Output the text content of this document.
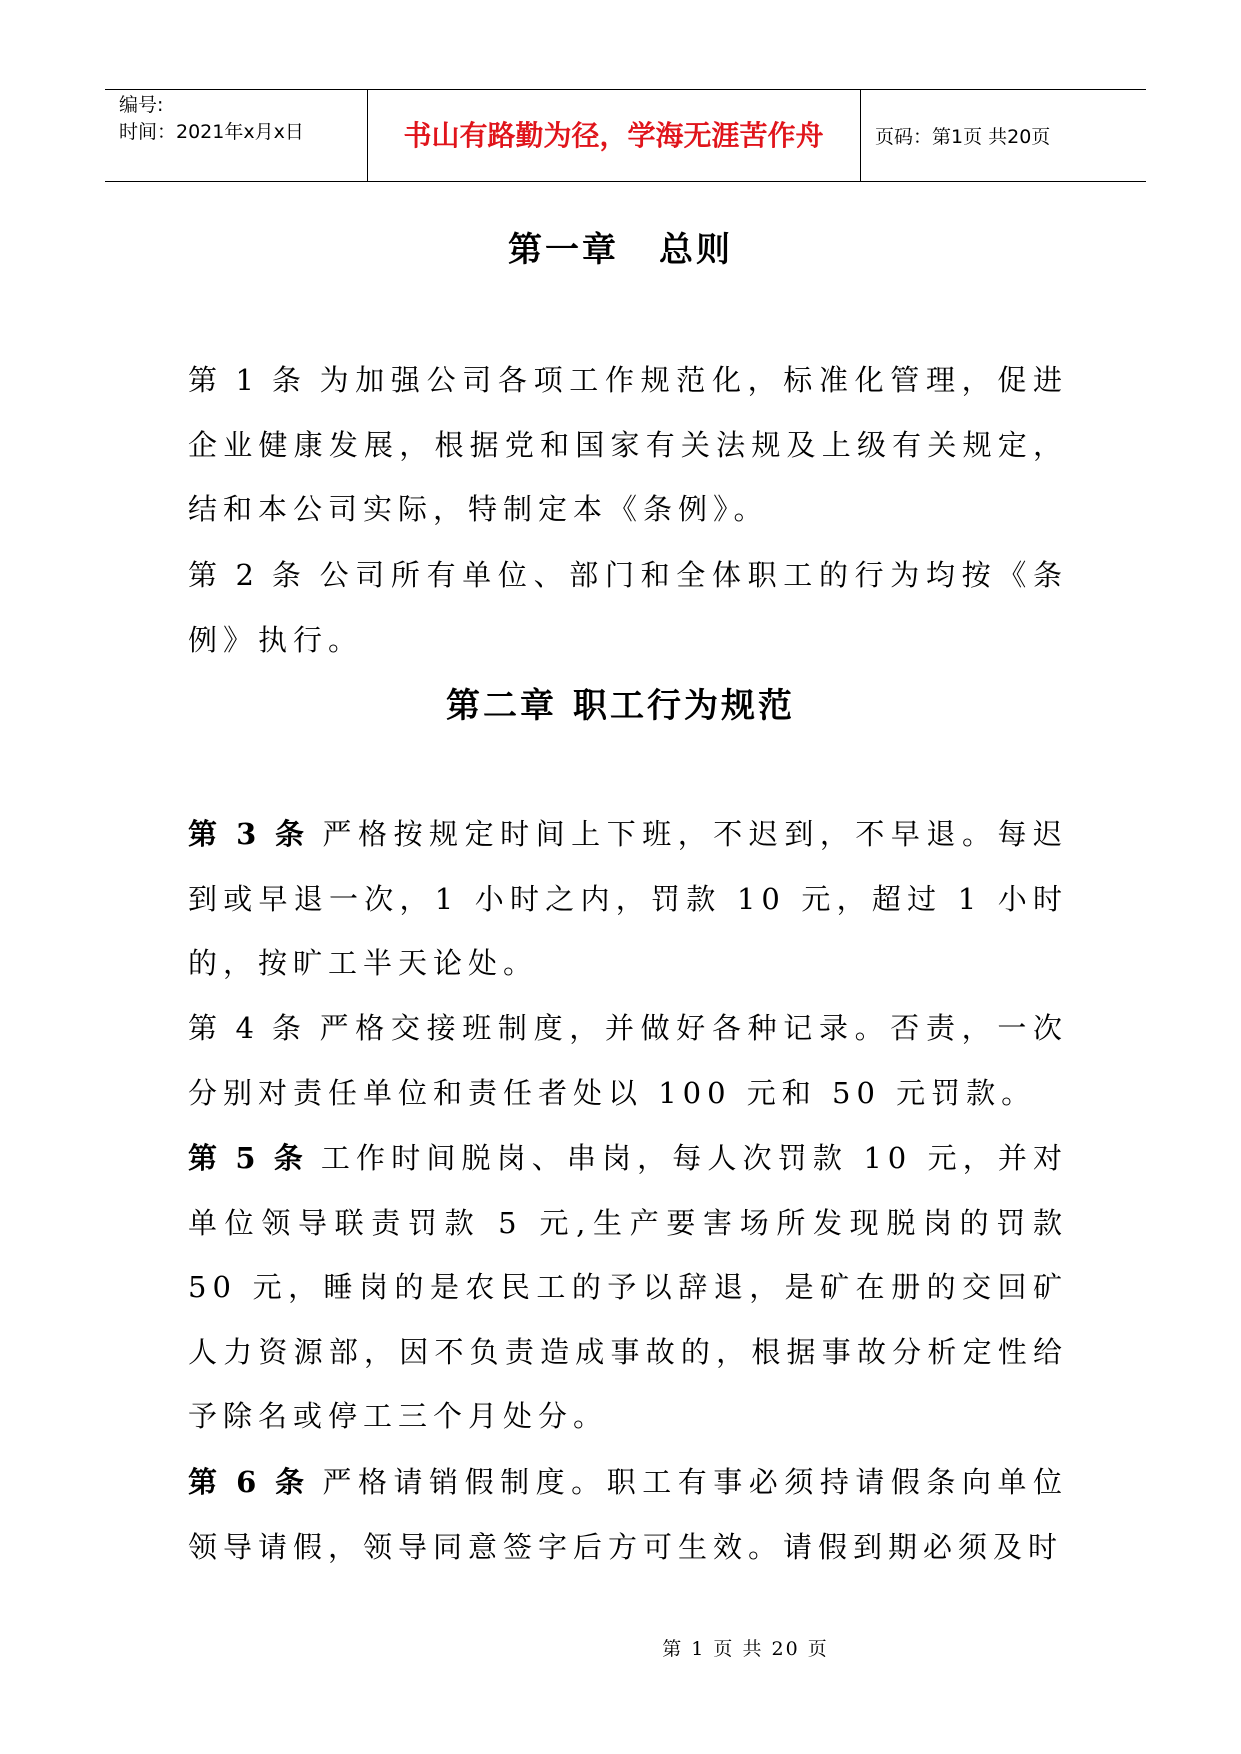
编号:
时间：2021年x月x日	书山有路勤为径，学海无涯苦作舟	页码：第1页 共20页
第一章 总则
第 1 条 为加强公司各项工作规范化，标准化管理，促进企业健康发展，根据党和国家有关法规及上级有关规定，结和本公司实际，特制定本《条例》。
第 2 条 公司所有单位、部门和全体职工的行为均按《条例》执行。
第二章 职工行为规范
第 3 条 严格按规定时间上下班，不迟到，不早退。每迟到或早退一次，1 小时之内，罚款 10 元，超过 1 小时的，按旷工半天论处。
第 4 条 严格交接班制度，并做好各种记录。否责，一次分别对责任单位和责任者处以 100 元和 50 元罚款。
第 5 条 工作时间脱岗、串岗，每人次罚款 10 元，并对单位领导联责罚款 5 元,生产要害场所发现脱岗的罚款 50 元，睡岗的是农民工的予以辞退，是矿在册的交回矿人力资源部，因不负责造成事故的，根据事故分析定性给予除名或停工三个月处分。
第 6 条 严格请销假制度。职工有事必须持请假条向单位领导请假，领导同意签字后方可生效。请假到期必须及时
第 1 页 共 20 页
